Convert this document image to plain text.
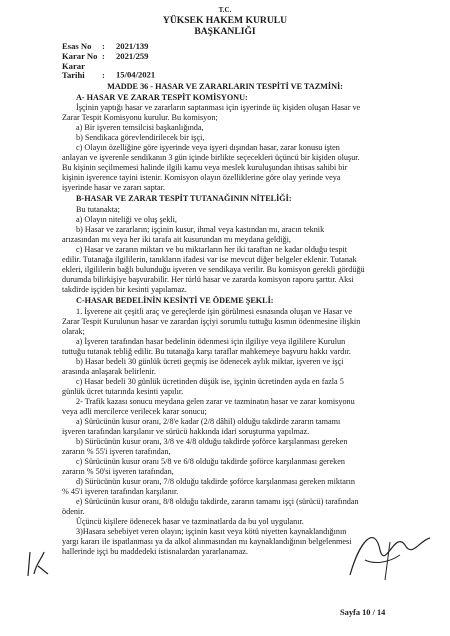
T.C.
YÜKSEK HAKEM KURULU
BAŞKANLIĞI
Esas No : 2021/139
Karar No : 2021/259
Karar Tarihi : 15/04/2021
MADDE 36 - HASAR VE ZARARLARIN TESPİTİ VE TAZMİNİ:
A- HASAR VE ZARAR TESPİT KOMİSYONU:
İşçinin yaptığı hasar ve zararların saptanması için işyerinde üç kişiden oluşan Hasar ve
Zarar Tespit Komisyonu kurulur. Bu komisyon;
a) Bir işveren temsilcisi başkanlığında,
b) Sendikaca görevlendirilecek bir işçi,
c) Olayın özelliğine göre işyerinde veya işyeri dışından hasar, zarar konusu işten
anlayan ve işverenle sendikanın 3 gün içinde birlikte seçecekleri üçüncü bir kişiden oluşur.
Bu kişinin seçilmemesi halinde ilgili kamu veya meslek kuruluşundan ihtisas sahibi bir
kişinin işverence tayini istenir. Komisyon olayın özelliklerine göre olay yerinde veya
işyerinde hasar ve zararı saptar.
B-HASAR VE ZARAR TESPİT TUTANAĞININ NİTELİĞİ:
Bu tutanakta;
a) Olayın niteliği ve oluş şekli,
b) Hasar ve zararların; işçinin kusur, ihmal veya kastından mı, aracın teknik
arızasından mı veya her iki tarafa ait kusurundan mı meydana geldiği,
c) Hasar ve zararın miktarı ve bu miktarların her iki taraftan ne kadar olduğu tespit
edilir. Tutanağa ilgililerin, tanıkların ifadesi var ise mevcut diğer belgeler eklenir. Tutanak
ekleri, ilgililerin bağlı bulunduğu işveren ve sendikaya verilir. Bu komisyon gerekli gördüğü
durumda bilirkişiye başvurabilir. Her türlü hasar ve zararda komisyon raporu şarttır. Aksi
takdirde işçiden bir kesinti yapılamaz.
C-HASAR BEDELİNİN KESİNTİ VE ÖDEME ŞEKLİ:
1. İşverene ait çeşitli araç ve gereçlerde işin görülmesi esnasında oluşan ve Hasar ve
Zarar Tespit Kurulunun hasar ve zarardan işçiyi sorumlu tuttuğu kısmın ödenmesine ilişkin
olarak;
a) İşveren tarafından hasar bedelinin ödenmesi için ilgiliye veya ilgililere Kurulun
tuttuğu tutanak tebliğ edilir. Bu tutanağa karşı taraflar mahkemeye başvuru hakkı vardır.
b) Hasar bedeli 30 günlük ücreti geçmiş ise ödenecek aylık miktar, işveren ve işçi
arasında anlaşarak belirlenir.
c) Hasar bedeli 30 günlük ücretinden düşük ise, işçinin ücretinden ayda en fazla 5
günlük ücret tutarında kesinti yapılır.
2- Trafik kazası sonucu meydana gelen zarar ve tazminatın hasar ve zarar komisyonu
veya adli mercilerce verilecek karar sonucu;
a) Sürücünün kusur oranı, 2/8'e kadar (2/8 dâhil) olduğu takdirde zararın tamamı
işveren tarafından karşılanır ve sürücü hakkında idari soruşturma yapılmaz.
b) Sürücünün kusur oranı, 3/8 ve 4/8 olduğu takdirde şoförce karşılanması gereken
zararın % 55'i işveren tarafından,
c) Sürücünün kusur oranı 5/8 ve 6/8 olduğu takdirde şoförce karşılanması gereken
zararın % 50'si işveren tarafından,
d) Sürücünün kusur oranı, 7/8 olduğu takdirde şoförce karşılanması gereken miktarın
% 45'i işveren tarafından karşılanır.
e) Sürücünün kusur oranı, 8/8 olduğu takdirde, zararın tamamı işçi (sürücü) tarafından
ödenir.
Üçüncü kişilere ödenecek hasar ve tazminatlarda da bu yol uygulanır.
3)Hasara sebebiyet veren olayın; işçinin kasıt veya kötü niyetten kaynaklandığının
yargı kararı ile ispatlanması ya da alkol alınmasından mı kaynaklandığının belgelenmesi
hallerinde işçi bu maddedeki istisnalardan yararlanamaz.
Sayfa 10 / 14
